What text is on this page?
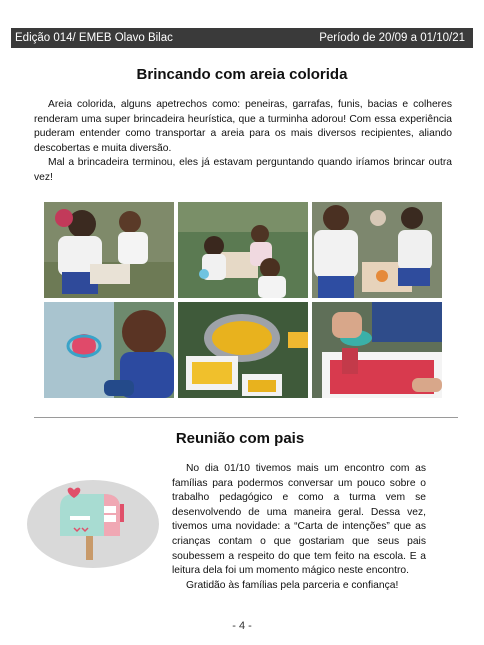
Edição 014/ EMEB Olavo Bilac	Período de 20/09 a 01/10/21
Brincando com areia colorida

Areia colorida, alguns apetrechos como: peneiras, garrafas, funis, bacias e colheres renderam uma super brincadeira heurística, que a turminha adorou! Com essa experiência puderam entender como transportar a areia para os mais diversos recipientes, aliando descobertas e muita diversão.

Mal a brincadeira terminou, eles já estavam perguntando quando iríamos brincar outra vez!

Reunião com pais

No dia 01/10 tivemos mais um encontro com as famílias para podermos conversar um pouco sobre o trabalho pedagógico e como a turma vem se desenvolvendo de uma maneira geral. Dessa vez, tivemos uma novidade: a “Carta de intenções” que as crianças contam o que gostariam que seus pais soubessem a respeito do que tem feito na escola. E a leitura dela foi um momento mágico neste encontro.

Gratidão às famílias pela parceria e confiança!

- 4 -
